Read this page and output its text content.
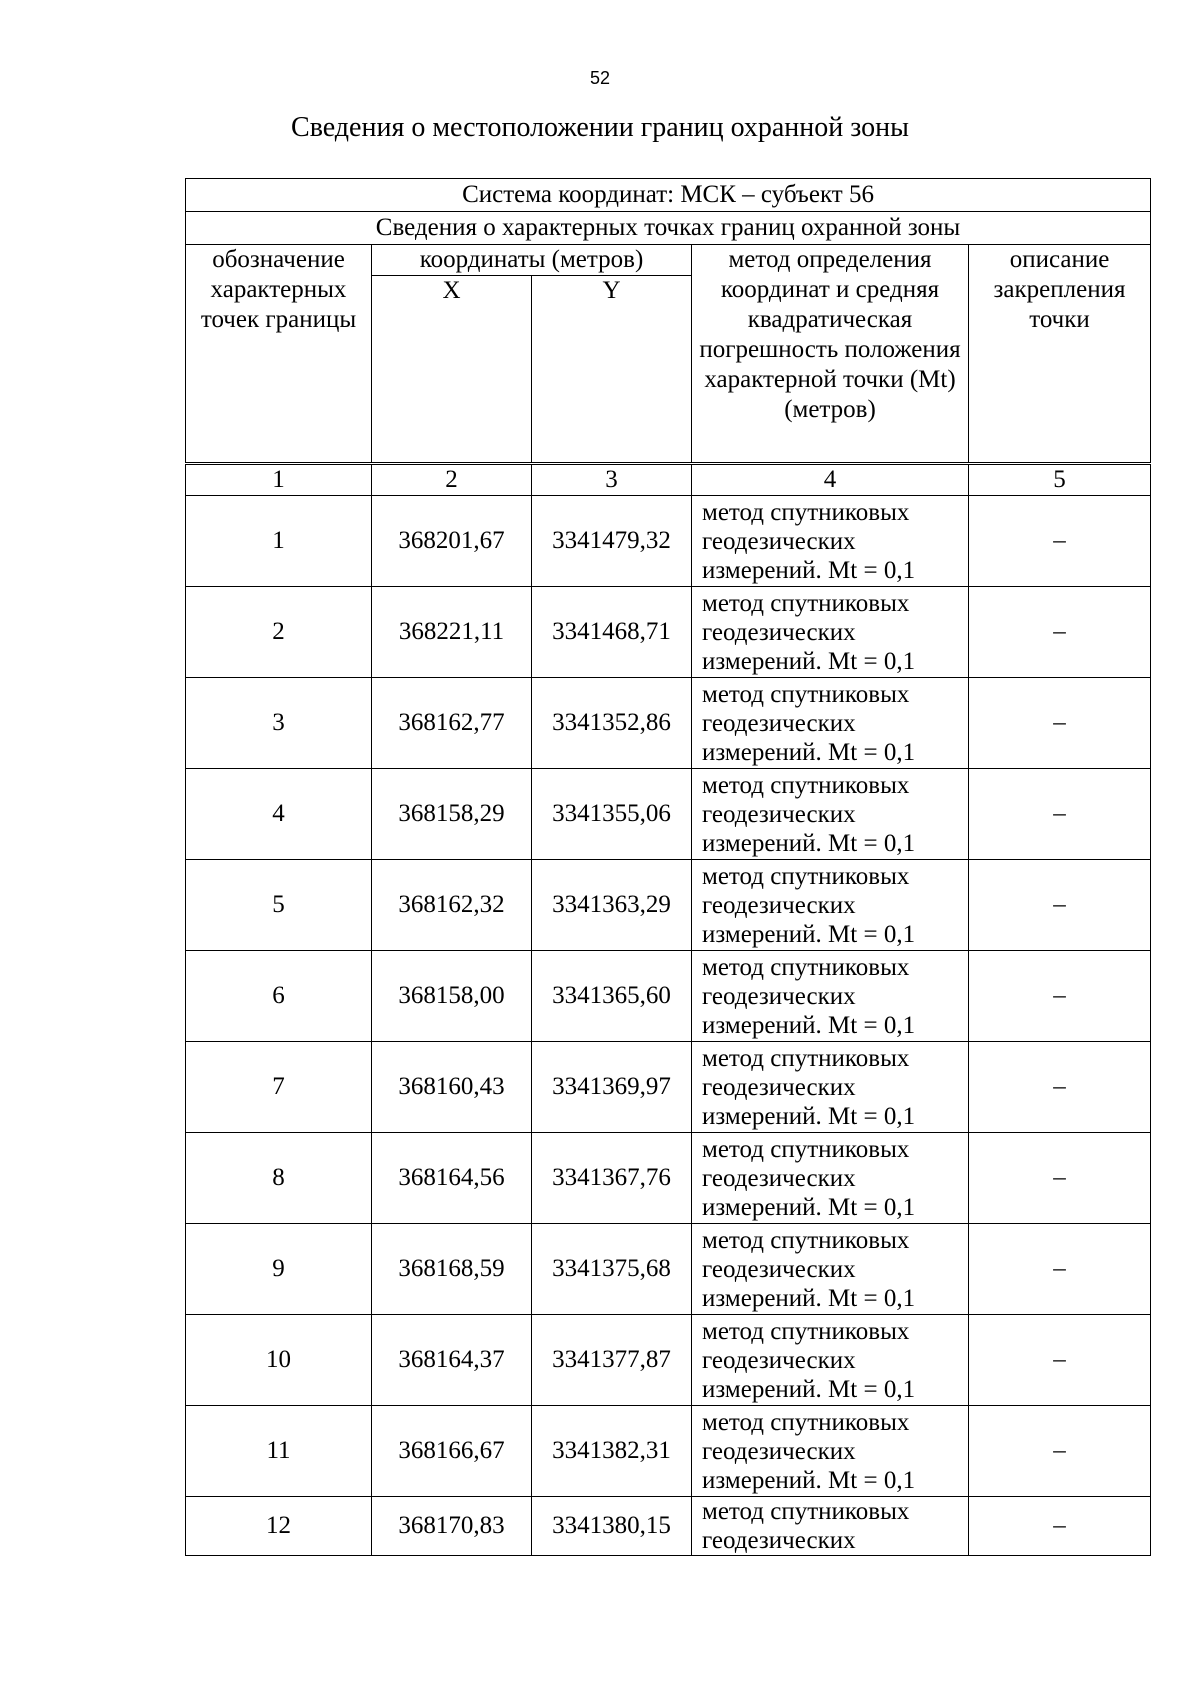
52
Сведения о местоположении границ охранной зоны
Система координат: МСК – субъект 56				
Сведения о характерных точках границ охранной зоны				
обозначение характерных точек границы	координаты (метров)		метод определения координат и средняя квадратическая погрешность положения характерной точки (Mt) (метров)	описание закрепления точки
	X	Y		
1	2	3	4	5
1	368201,67	3341479,32	метод спутниковых геодезических измерений. Mt = 0,1	–
2	368221,11	3341468,71	метод спутниковых геодезических измерений. Mt = 0,1	–
3	368162,77	3341352,86	метод спутниковых геодезических измерений. Mt = 0,1	–
4	368158,29	3341355,06	метод спутниковых геодезических измерений. Mt = 0,1	–
5	368162,32	3341363,29	метод спутниковых геодезических измерений. Mt = 0,1	–
6	368158,00	3341365,60	метод спутниковых геодезических измерений. Mt = 0,1	–
7	368160,43	3341369,97	метод спутниковых геодезических измерений. Mt = 0,1	–
8	368164,56	3341367,76	метод спутниковых геодезических измерений. Mt = 0,1	–
9	368168,59	3341375,68	метод спутниковых геодезических измерений. Mt = 0,1	–
10	368164,37	3341377,87	метод спутниковых геодезических измерений. Mt = 0,1	–
11	368166,67	3341382,31	метод спутниковых геодезических измерений. Mt = 0,1	–
12	368170,83	3341380,15	метод спутниковых геодезических	–
